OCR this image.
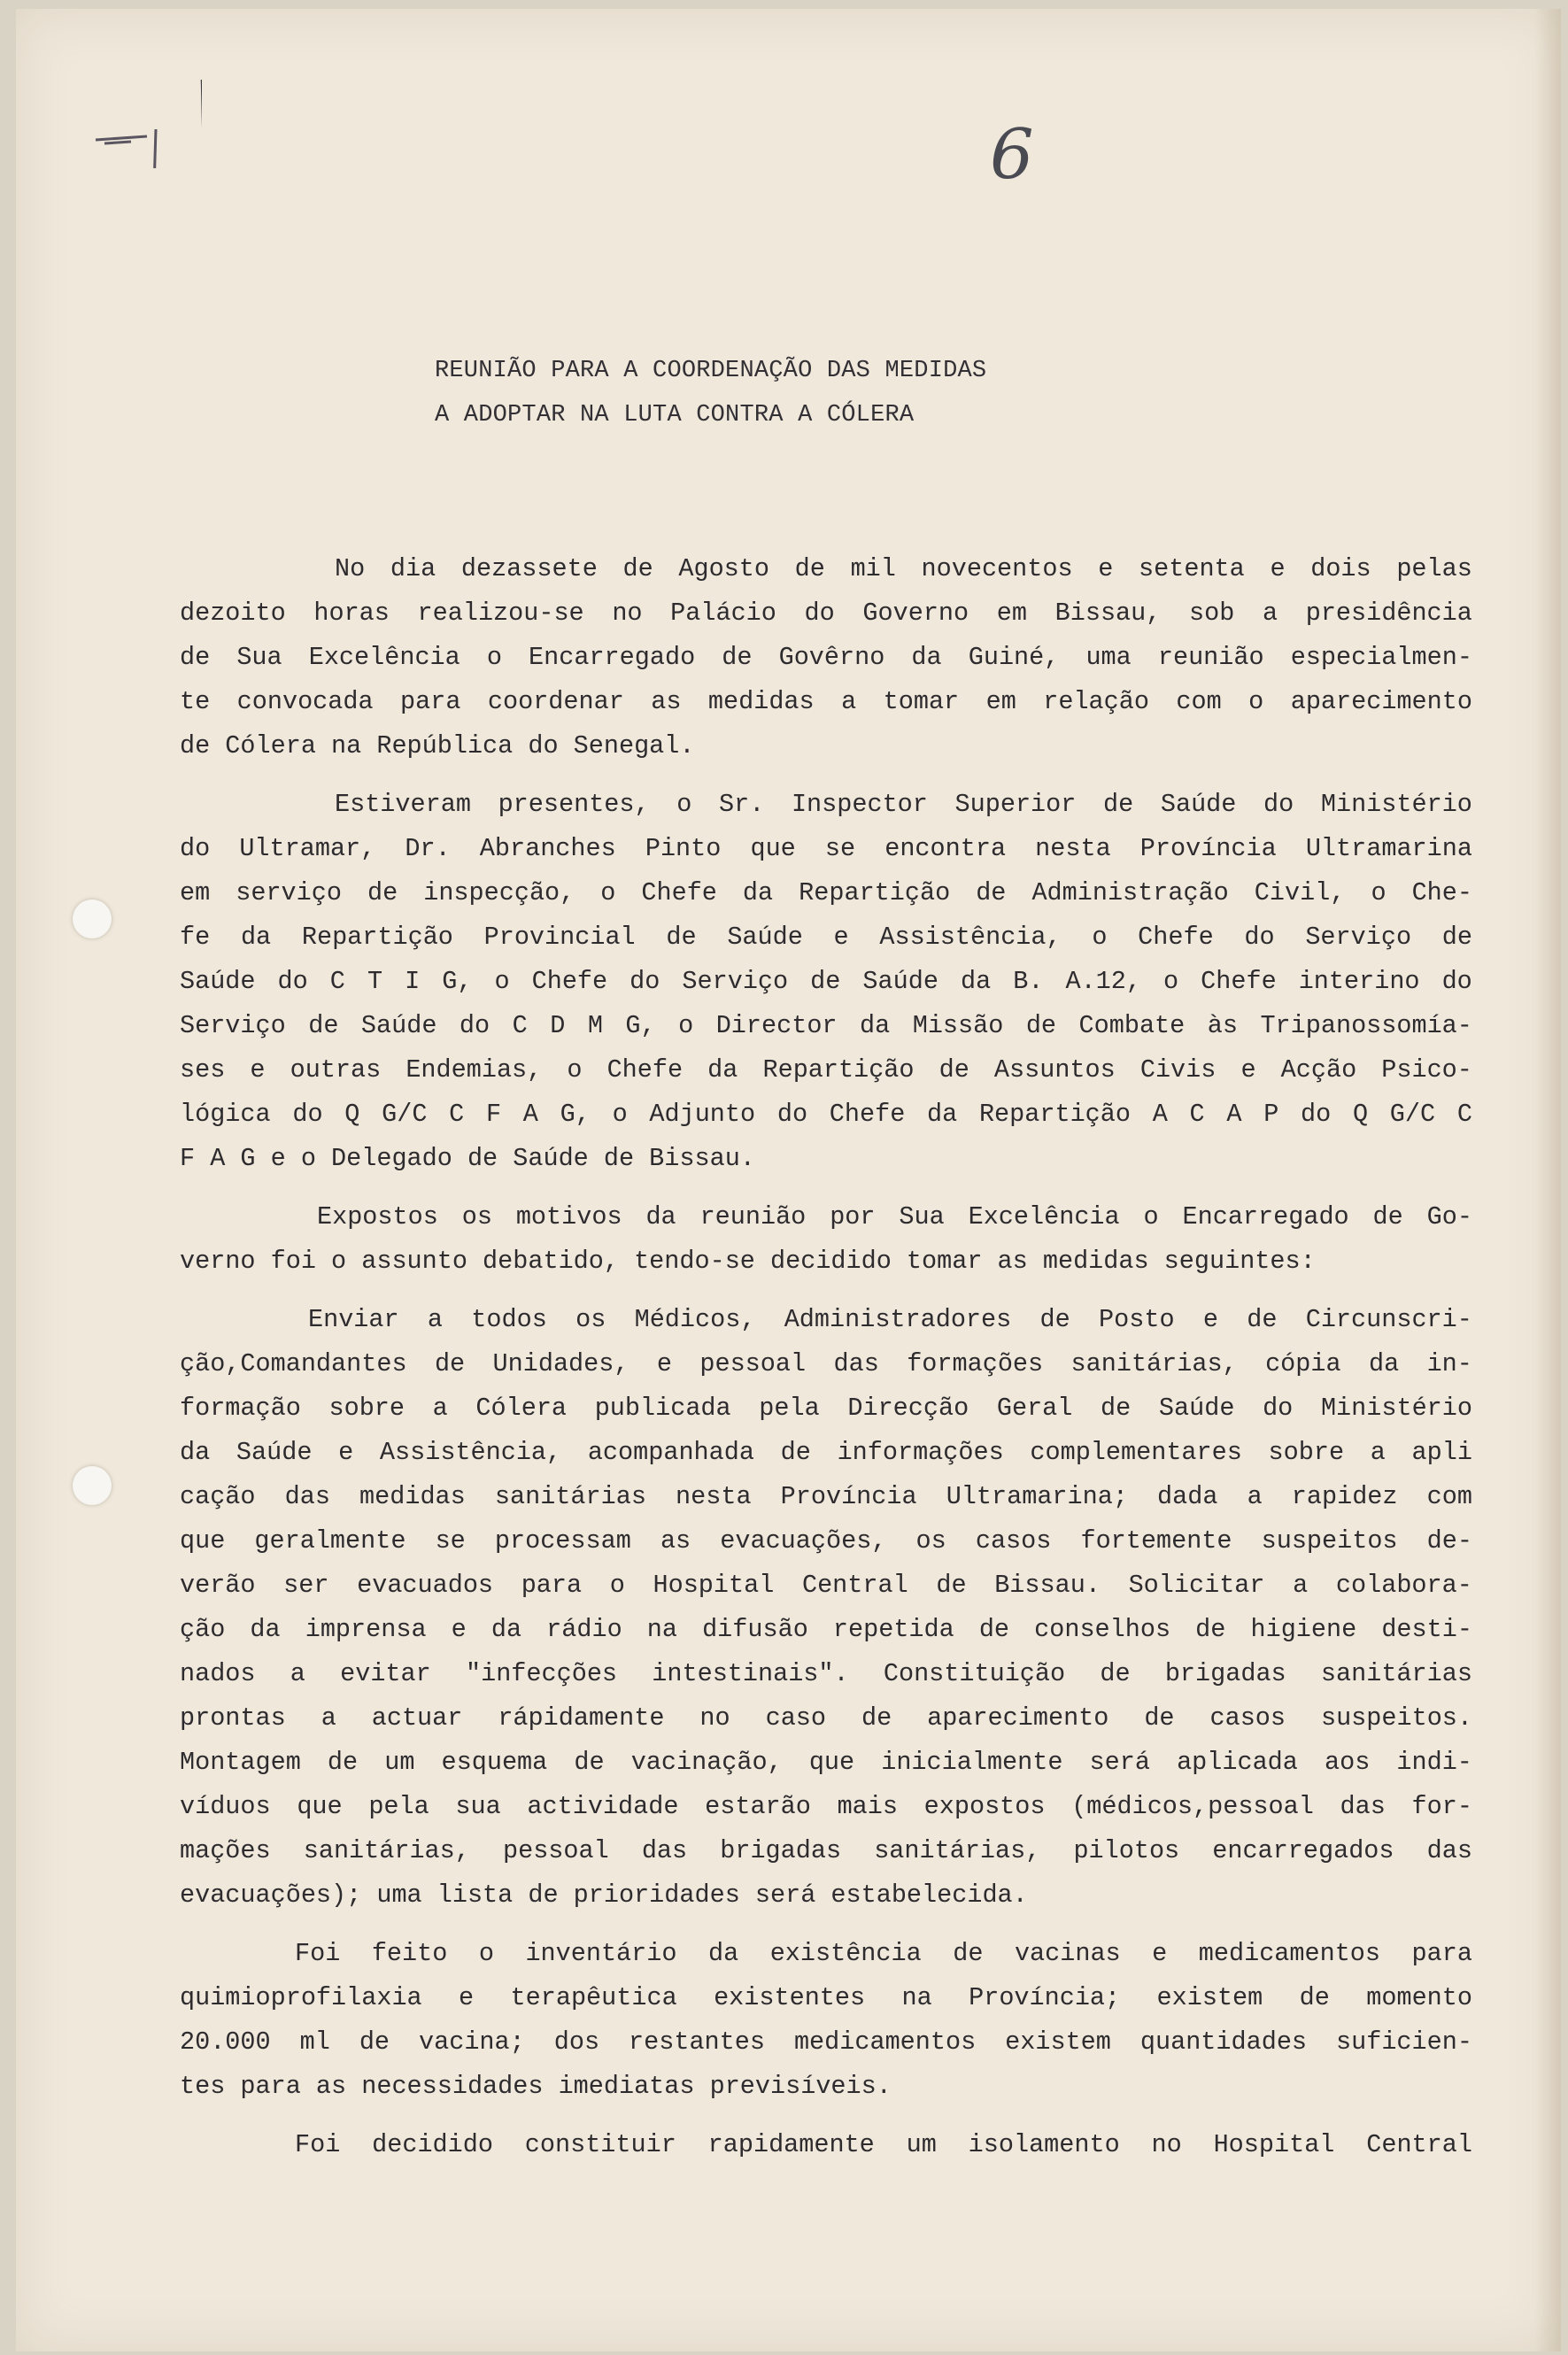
6
REUNIÃO PARA A COORDENAÇÃO DAS MEDIDAS
A ADOPTAR NA LUTA CONTRA A CÓLERA
No dia dezassete de Agosto de mil novecentos e setenta e dois pelas
dezoito horas realizou-se no Palácio do Governo em Bissau, sob a presidência
de Sua Excelência o Encarregado de Govêrno da Guiné, uma reunião especialmen-
te convocada para coordenar as medidas a tomar em relação com o aparecimento
de Cólera na República do Senegal.
Estiveram presentes, o Sr. Inspector Superior de Saúde do Ministério
do Ultramar, Dr. Abranches Pinto que se encontra nesta Província Ultramarina
em serviço de inspecção, o Chefe da Repartição de Administração Civil, o Che-
fe da Repartição Provincial de Saúde e Assistência, o Chefe do Serviço de
Saúde do C T I G, o Chefe do Serviço de Saúde da B. A.12, o Chefe interino do
Serviço de Saúde do C D M G, o Director da Missão de Combate às Tripanossomía-
ses e outras Endemias, o Chefe da Repartição de Assuntos Civis e Acção Psico-
lógica do Q G/C C F A G, o Adjunto do Chefe da Repartição A C A P do Q G/C C
F A G e o Delegado de Saúde de Bissau.
Expostos os motivos da reunião por Sua Excelência o Encarregado de Go-
verno foi o assunto debatido, tendo-se decidido tomar as medidas seguintes:
Enviar a todos os Médicos, Administradores de Posto e de Circunscri-
ção,Comandantes de Unidades, e pessoal das formações sanitárias, cópia da in-
formação sobre a Cólera publicada pela Direcção Geral de Saúde do Ministério
da Saúde e Assistência, acompanhada de informações complementares sobre a apli
cação das medidas sanitárias nesta Província Ultramarina; dada a rapidez com
que geralmente se processam as evacuações, os casos fortemente suspeitos de-
verão ser evacuados para o Hospital Central de Bissau. Solicitar a colabora-
ção da imprensa e da rádio na difusão repetida de conselhos de higiene desti-
nados a evitar "infecções intestinais". Constituição de brigadas sanitárias
prontas a actuar rápidamente no caso de aparecimento de casos suspeitos.
Montagem de um esquema de vacinação, que inicialmente será aplicada aos indi-
víduos que pela sua actividade estarão mais expostos (médicos,pessoal das for-
mações sanitárias, pessoal das brigadas sanitárias, pilotos encarregados das
evacuações); uma lista de prioridades será estabelecida.
Foi feito o inventário da existência de vacinas e medicamentos para
quimioprofilaxia e terapêutica existentes na Província; existem de momento
20.000 ml de vacina; dos restantes medicamentos existem quantidades suficien-
tes para as necessidades imediatas previsíveis.
Foi decidido constituir rapidamente um isolamento no Hospital Central
